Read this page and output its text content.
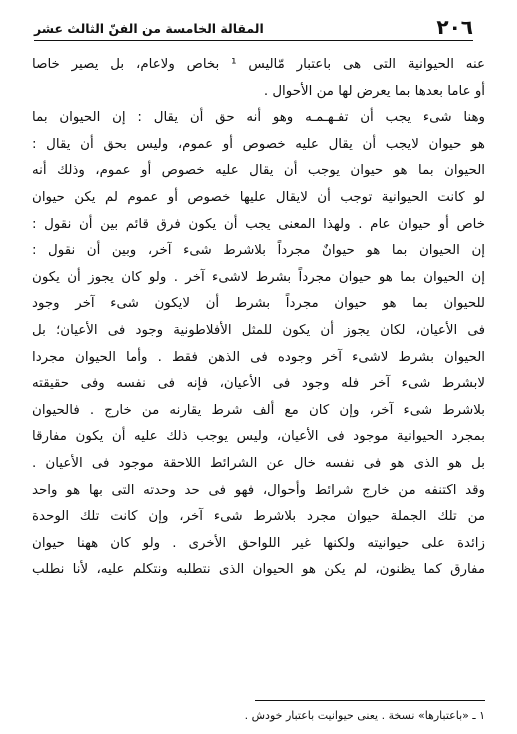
٢٠٦
المقالة الخامسة من الفنّ الثالث عشر
عنه الحيوانية التى هى باعتبار مّاليس ¹ بخاص ولاعام، بل يصير خاصا
أو عاما بعدها بما يعرض لها من الأحوال .
وهنا شىء يجب أن تفـهـمـه وهو أنه حق أن يقال : إن الحيوان بما
هو حيوان لايجب أن يقال عليه خصوص أو عموم، وليس بحق أن يقال :
الحيوان بما هو حيوان يوجب أن يقال عليه خصوص أو عموم، وذلك أنه
لو كانت الحيوانية توجب أن لايقال عليها خصوص أو عموم لم يكن حيوان
خاص أو حيوان عام . ولهذا المعنى يجب أن يكون فرق قائم بين أن نقول :
إن الحيوان بما هو حيوانٌ مجرداً بلاشرط شىء آخر، وبين أن نقول :
إن الحيوان بما هو حيوان مجرداً بشرط لاشىء آخر . ولو كان يجوز أن يكون
للحيوان بما هو حيوان مجرداً بشرط أن لايكون شىء آخر وجود
فى الأعيان، لكان يجوز أن يكون للمثل الأفلاطونية وجود فى الأعيان؛ بل
الحيوان بشرط لاشىء آخر وجوده فى الذهن فقط . وأما الحيوان مجردا
لابشرط شىء آخر فله وجود فى الأعيان، فإنه فى نفسه وفى حقيقته
بلاشرط شىء آخر، وإن كان مع ألف شرط يقارنه من خارج . فالحيوان
بمجرد الحيوانية موجود فى الأعيان، وليس يوجب ذلك عليه أن يكون مفارقا
بل هو الذى هو فى نفسه خال عن الشرائط اللاحقة موجود فى الأعيان .
وقد اكتنفه من خارج شرائط وأحوال، فهو فى حد وحدته التى بها هو واحد
من تلك الجملة حيوان مجرد بلاشرط شىء آخر، وإن كانت تلك الوحدة
زائدة على حيوانيته ولكنها غير اللواحق الأخرى . ولو كان ههنا حيوان
مفارق كما يظنون، لم يكن هو الحيوان الذى نتطلبه ونتكلم عليه، لأنا نطلب
١ ـ «باعتبارها» نسخة . يعنى حيوانيت باعتبار خودش .
